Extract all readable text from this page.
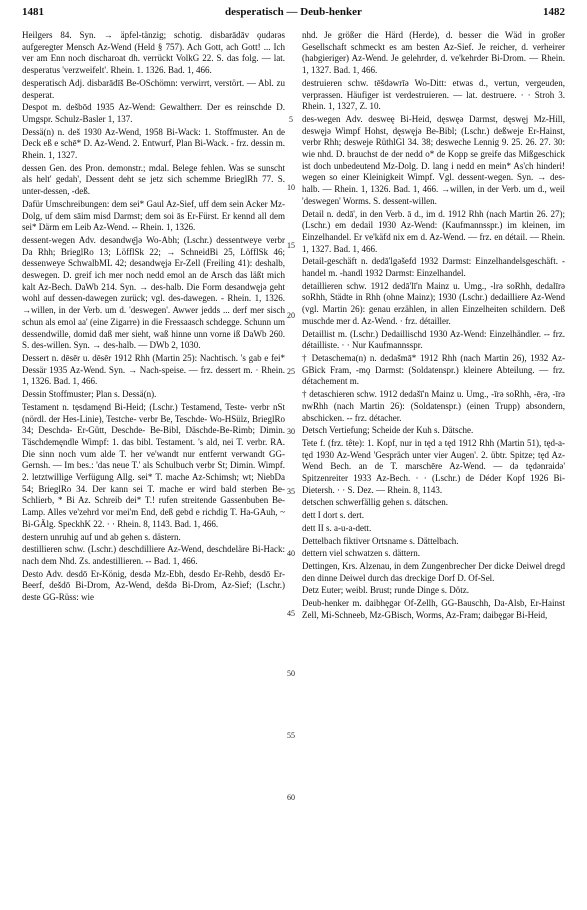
1481	desperatisch — Deub-henker	1482

Heilgers 84. Syn. → äpfel-tänzig; schotig. disbarādāv ǫudǝrǝs aufgeregter Mensch Az-Wend (Held § 757). Ach Gott, ach Gott! ... Ich ver am Enn noch discharoat dh. verrückt VolkG 22. S. das folg. — lat. desperatus 'verzweifelt'. Rhein. 1. 1326. Bad. 1, 466.

desperatisch Adj. disbarādīš Be-OSchömn: verwirrt, verstört. — Abl. zu desperat.

Despot m. dešbōd 1935 Az-Wend: Gewaltherr. Der es reinschde D. Umgspr. Schulz-Basler 1, 137.

Dessä(n) n. deš 1930 Az-Wend, 1958 Bi-Wack: 1. Stoffmuster. An de Deck eß e schē* D. Az-Wend. 2. Entwurf, Plan Bi-Wack. - frz. dessin m. Rhein. 1, 1327.

dessen Gen. des Pron. demonstr.; mdal. Belege fehlen. Was se sunscht als helt' gedah', Dessent deht se jetz sich schemme BrieglRh 77. S. unter-dessen, -deß.

Dafür Umschreibungen: dem sei* Gaul Az-Sief, uff dem sein Acker Mz-Dolg, uf dem sāim misd Darmst; dem soi ās Er-Fürst. Er kennd all dem sei* Därm em Leib Az-Wend. -- Rhein. 1, 1326.

dessent-wegen Adv. desǝndwę̄jǝ Wo-Abh; (Lschr.) dessentweye verbr Da Rhh; BrieglRo 13; LöfflSk 22; → SchneidBi 25, LöfflSk 46; dessenweye SchwalbML 42; desǝndwęjǝ Er-Zell (Freiling 41): deshalb, deswegen. D. greif ich mer noch nedd emol an de Arsch das läßt mich kalt Az-Bech. DaWb 214. Syn. → des-halb. Die Form desǝndwęjǝ geht wohl auf dessen-dawegen zurück; vgl. des-dawegen. - Rhein. 1, 1326. →willen, in der Verb. um d. 'deswegen'. Awwer jedds ... derf mer sisch schun als emol aa' (eine Zigarre) in die Fressaasch schdegge. Schunn um dessendwille, domid daß mer sieht, waß hinne unn vorne iß DaWb 260. S. des-willen. Syn. → des-halb. — DWb 2, 1030.

Dessert n. dēsēr u. dēsēr 1912 Rhh (Martin 25): Nachtisch. 's gab e fei* Dessär 1935 Az-Wend. Syn. → Nach-speise. — frz. dessert m. · Rhein. 1, 1326. Bad. 1, 466.

Dessin Stoffmuster; Plan s. Dessä(n).

Testament n. tęsdamęnd Bi-Heid; (Lschr.) Testamend, Teste- verbr nSt (nördl. der Hes-Linie), Testche- verbr Be, Teschde- Wo-HSülz, BrieglRo 34; Deschda- Er-Gütt, Deschde- Be-Bibl, Däschde-Be-Rimb; Dimin. Täschdemęndle Wimpf: 1. das bibl. Testament. 's ald, nei T. verbr. RA. Die sinn noch vum alde T. her ve'wandt nur entfernt verwandt GG-Gernsh. — Im bes.: 'das neue T.' als Schulbuch verbr St; Dimin. Wimpf. 2. letztwillige Verfügung Allg. sei* T. mache Az-Schimsh; wt; NiebDa 54; BrieglRo 34. Der kann sei T. mache er wird bald sterben Be-Schlierb, * Bi Az. Schreib dei* T.! rufen streitende Gassenbuben Be-Lamp. Alles ve'zehrd vor mei'm End, deß gebd e richdig T. Ha-GAuh, ~ Bi-GÄlg. SpeckhK 22. · · Rhein. 8, 1143. Bad. 1, 466.

destern unruhig auf und ab gehen s. dästern.

destillieren schw. (Lschr.) deschdilliere Az-Wend, deschdeläre Bi-Hack: nach dem Nhd. Zs. andestillieren. -- Bad. 1, 466.

Desto Adv. desdō Er-König, desdǝ Mz-Ebh, desdo Er-Rehb, desdō Er-Beerf, dešdō Bi-Drom, Az-Wend, dešdǝ Bi-Drom, Az-Sief; (Lschr.) deste GG-Rüss: wie

5
10
15
20
25
30
35
40
45
50
55
60

nhd. Je größer die Härd (Herde), d. besser die Wäd in großer Gesellschaft schmeckt es am besten Az-Sief. Je reicher, d. verheirer (habgieriger) Az-Wend. Je gelehrder, d. ve'kehrder Bi-Drom. — Rhein. 1, 1327. Bad. 1, 466.

destruieren schw. tēšdǝwrīǝ Wo-Ditt: etwas d., vertun, vergeuden, verprassen. Häufiger ist verdestruieren. — lat. destruere. · · Stroh 3. Rhein. 1, 1327, Z. 10.

des-wegen Adv. desweę Bi-Heid, dęswęǝ Darmst, dęswęj Mz-Hill, deswęjǝ Wimpf Hohst, dęswęjǝ Be-Bibl; (Lschr.) deßweje Er-Hainst, verbr Rhh; desweje RüthlGl 34. 38; desweche Lennig 9. 25. 26. 27. 30: wie nhd. D. brauchst de der nedd o* de Kopp se greife das Mißgeschick ist doch unbedeutend Mz-Dolg. D. lang i nedd en mein* As'ch hinderi! wegen so einer Kleinigkeit Wimpf. Vgl. dessent-wegen. Syn. → des-halb. — Rhein. 1, 1326. Bad. 1, 466. →willen, in der Verb. um d., weil 'deswegen' Worms. S. dessent-willen.

Detail n. dedā', in den Verb. ā d., im d. 1912 Rhh (nach Martin 26. 27); (Lschr.) em dedail 1930 Az-Wend: (Kaufmannsspr.) im kleinen, im Einzelhandel. Er ve'käfd nix em d. Az-Wend. — frz. en détail. — Rhein. 1, 1327. Bad. 1, 466.

Detail-geschäft n. dedā'lgǝšefd 1932 Darmst: Einzelhandelsgeschäft. -handel m. -handl 1932 Darmst: Einzelhandel.

detaillieren schw. 1912 dedā'lī'n Mainz u. Umg., -lrǝ soRhh, dedalīrǝ soRhh, Städte in Rhh (ohne Mainz); 1930 (Lschr.) dedailliere Az-Wend (vgl. Martin 26): genau erzählen, in allen Einzelheiten schildern. Deß muschde mer d. Az-Wend. · frz. détailler.

Detaillist m. (Lschr.) Dedaillischd 1930 Az-Wend: Einzelhändler. -- frz. détailliste. · · Nur Kaufmannsspr.

† Detaschema(n) n. dedašmā* 1912 Rhh (nach Martin 26), 1932 Az-GBick Fram, -mǫ Darmst: (Soldatenspr.) kleinere Abteilung. — frz. détachement m.

† detaschieren schw. 1912 dedašī'n Mainz u. Umg., -īrǝ soRhh, -ērǝ, -īrǝ nwRhh (nach Martin 26): (Soldatenspr.) (einen Trupp) absondern, abschicken. -- frz. détacher.

Detsch Vertiefung; Scheide der Kuh s. Dätsche.

Tete f. (frz. tête): 1. Kopf, nur in tęd a tęd 1912 Rhh (Martin 51), tęd-a-tęd 1930 Az-Wend 'Gespräch unter vier Augen'. 2. übtr. Spitze; tęd Az-Wend Bech. an de T. marschēre Az-Wend. — dǝ tędǝnraidǝ' Spitzenreiter 1933 Az-Bech. · · (Lschr.) de Déder Kopf 1926 Bi-Dietersh. · · S. Dez. — Rhein. 8, 1143.

detschen schwerfällig gehen s. dätschen.

dett I dort s. dert.

dett II s. a-u-a-dett.

Dettelbach fiktiver Ortsname s. Dättelbach.

dettern viel schwatzen s. dättern.

Dettingen, Krs. Alzenau, in dem Zungenbrecher Der dicke Deiwel dregd den dinne Deiwel durch das dreckige Dorf D. Of-Sel.

Detz Euter; weibl. Brust; runde Dinge s. Dötz.

Deub-henker m. daibhęgǝr Of-Zellh, GG-Bauschh, Da-Alsb, Er-Hainst Zell, Mi-Schneeb, Mz-GBisch, Worms, Az-Fram; daibęgǝr Bi-Heid,
